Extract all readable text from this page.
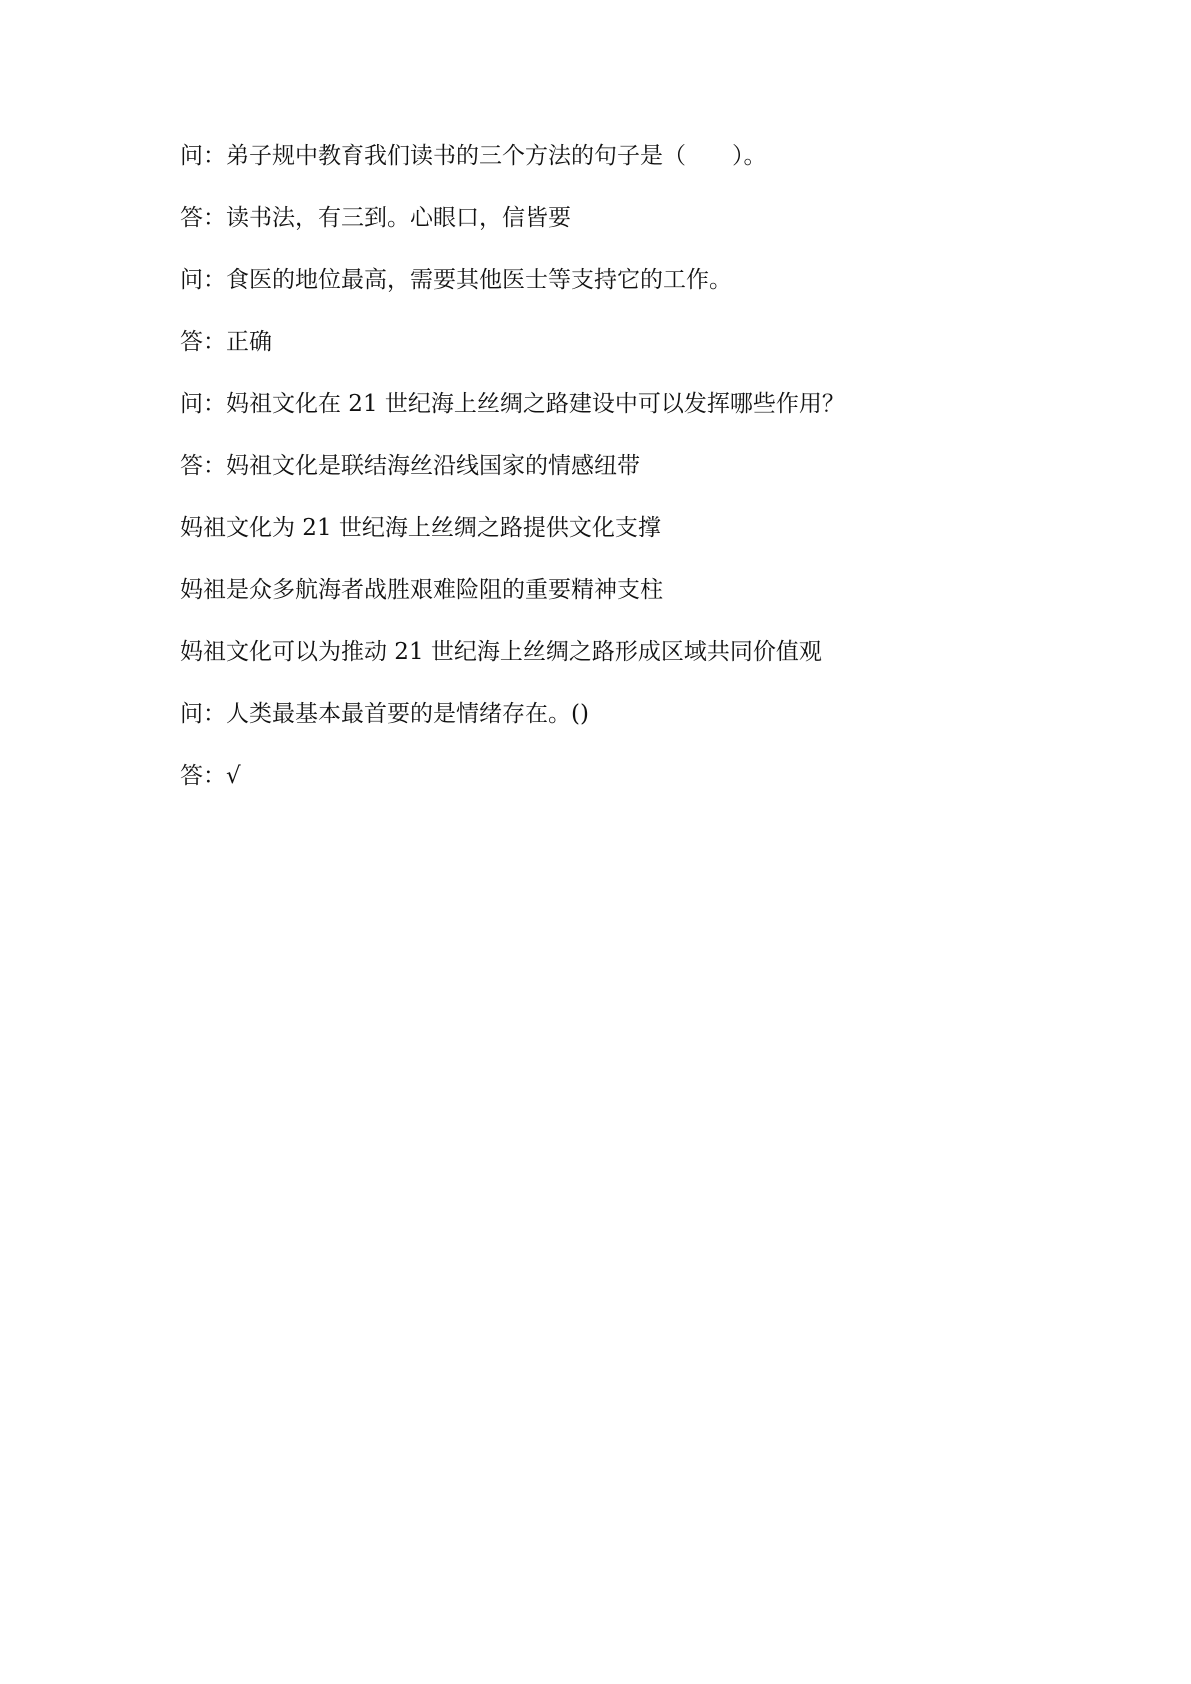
问：弟子规中教育我们读书的三个方法的句子是（　　）。
答：读书法，有三到。心眼口，信皆要
问：食医的地位最高，需要其他医士等支持它的工作。
答：正确
问：妈祖文化在 21 世纪海上丝绸之路建设中可以发挥哪些作用？
答：妈祖文化是联结海丝沿线国家的情感纽带
妈祖文化为 21 世纪海上丝绸之路提供文化支撑
妈祖是众多航海者战胜艰难险阻的重要精神支柱
妈祖文化可以为推动 21 世纪海上丝绸之路形成区域共同价值观
问：人类最基本最首要的是情绪存在。()
答：√
